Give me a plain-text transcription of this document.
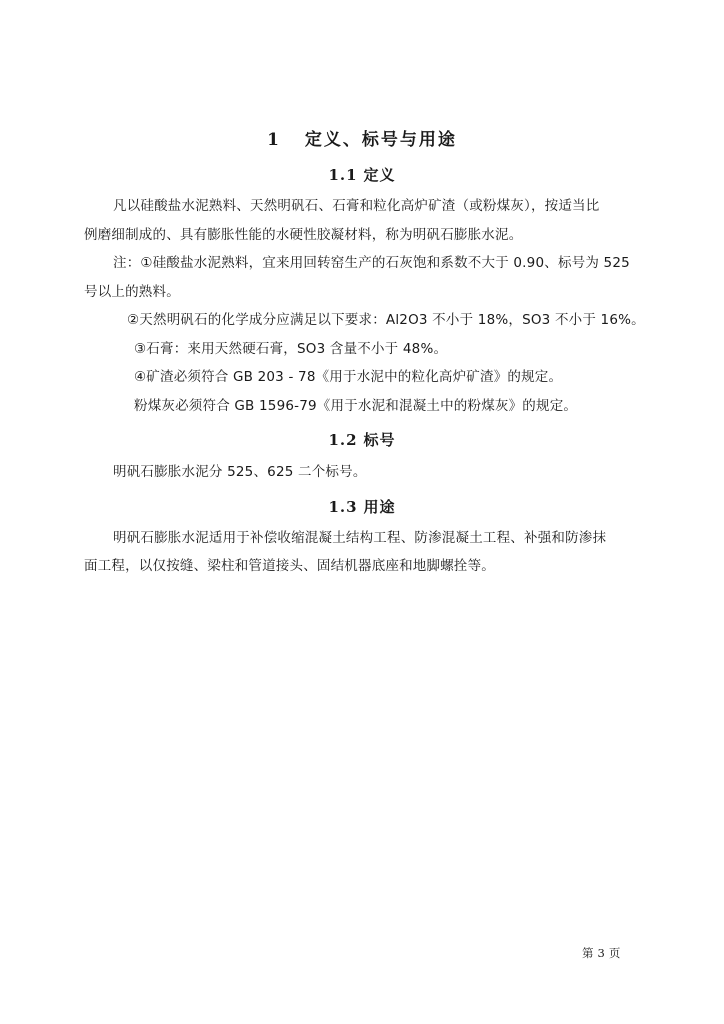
1 定义、标号与用途
1.1 定义
凡以硅酸盐水泥熟料、天然明矾石、石膏和粒化高炉矿渣（或粉煤灰），按适当比
例磨细制成的、具有膨胀性能的水硬性胶凝材料，称为明矾石膨胀水泥。
注：①硅酸盐水泥熟料，宜来用回转窑生产的石灰饱和系数不大于 0.90、标号为 525
号以上的熟料。
②天然明矾石的化学成分应满足以下要求：Al2O3 不小于 18%，SO3 不小于 16%。
③石膏：来用天然硬石膏，SO3 含量不小于 48%。
④矿渣必须符合 GB 203 - 78《用于水泥中的粒化高炉矿渣》的规定。
粉煤灰必须符合 GB 1596-79《用于水泥和混凝土中的粉煤灰》的规定。
1.2 标号
明矾石膨胀水泥分 525、625 二个标号。
1.3 用途
明矾石膨胀水泥适用于补偿收缩混凝土结构工程、防渗混凝土工程、补强和防渗抹
面工程，以仅按缝、梁柱和管道接头、固结机器底座和地脚螺拴等。
第 3 页
